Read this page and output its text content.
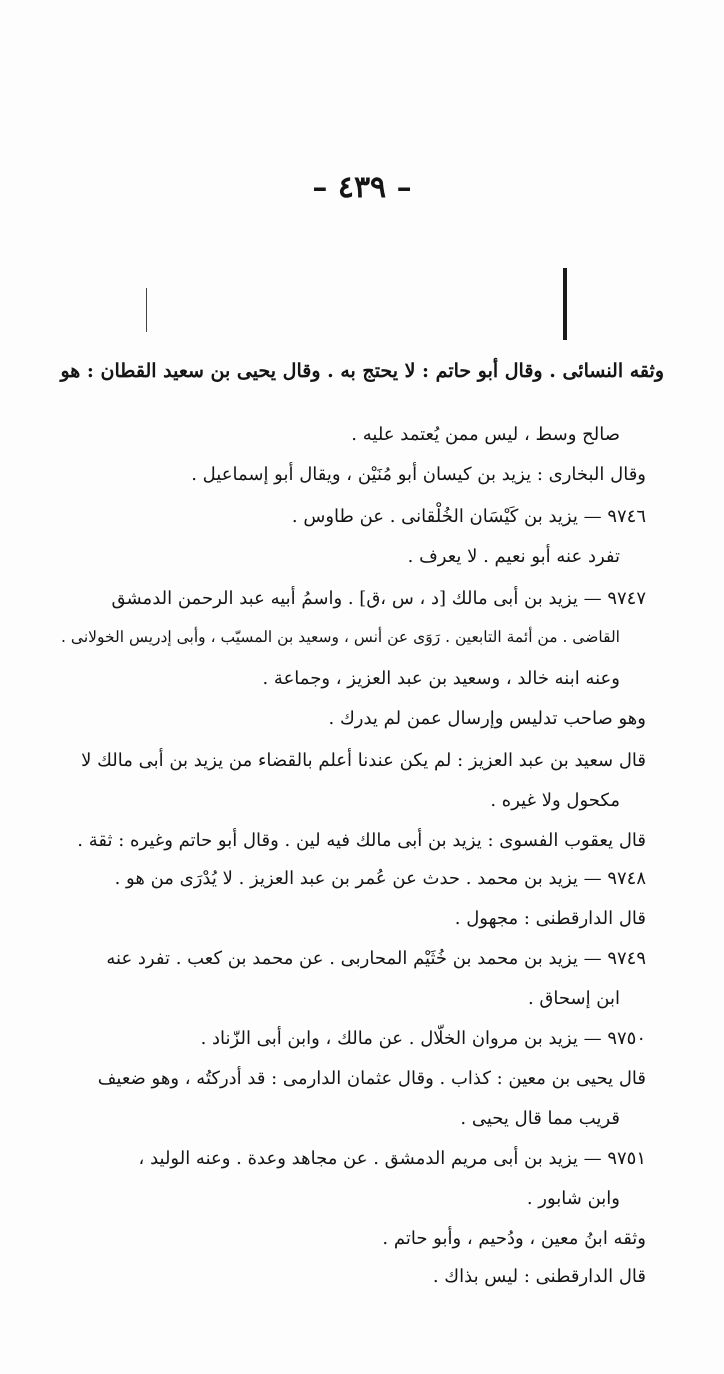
– ٤٣٩ –
وثقه النسائى . وقال أبو حاتم : لا يحتج به . وقال يحيى بن سعيد القطان : هو
صالح وسط ، ليس ممن يُعتمد عليه .
وقال البخارى : يزيد بن كيسان أبو مُنَيْن ، ويقال أبو إسماعيل .
٩٧٤٦ — يزيد بن كَيْسَان الخُلْقانى . عن طاوس .
تفرد عنه أبو نعيم . لا يعرف .
٩٧٤٧ — يزيد بن أبى مالك [د ، س ،ق] . واسمُ أبيه عبد الرحمن الدمشق
القاضى . من أئمة التابعين . رَوَى عن أنس ، وسعيد بن المسيّب ، وأبى إدريس الخولانى .
وعنه ابنه خالد ، وسعيد بن عبد العزيز ، وجماعة .
وهو صاحب تدليس وإرسال عمن لم يدرك .
قال سعيد بن عبد العزيز : لم يكن عندنا أعلم بالقضاء من يزيد بن أبى مالك لا
مكحول ولا غيره .
قال يعقوب الفسوى : يزيد بن أبى مالك فيه لين . وقال أبو حاتم وغيره : ثقة .
٩٧٤٨ — يزيد بن محمد . حدث عن عُمر بن عبد العزيز . لا يُدْرَى من هو .
قال الدارقطنى : مجهول .
٩٧٤٩ — يزيد بن محمد بن خُثَيْم المحاربى . عن محمد بن كعب . تفرد عنه
ابن إسحاق .
٩٧٥٠ — يزيد بن مروان الخلّال . عن مالك ، وابن أبى الزّناد .
قال يحيى بن معين : كذاب . وقال عثمان الدارمى : قد أدركتُه ، وهو ضعيف
قريب مما قال يحيى .
٩٧٥١ — يزيد بن أبى مريم الدمشق . عن مجاهد وعدة . وعنه الوليد ،
وابن شابور .
وثقه ابنُ معين ، ودُحيم ، وأبو حاتم .
قال الدارقطنى : ليس بذاك .
